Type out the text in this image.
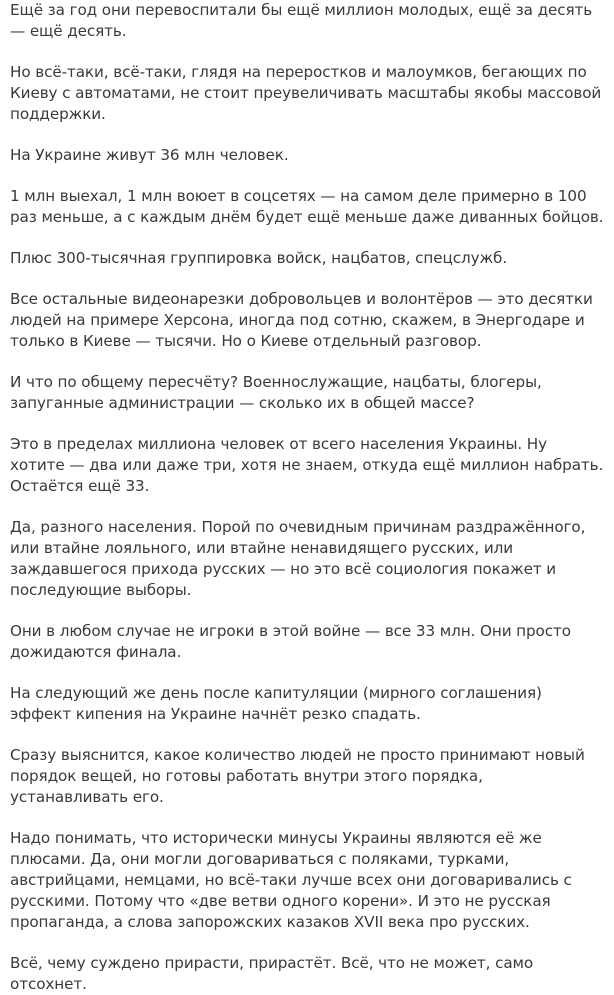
Ещё за год они перевоспитали бы ещё миллион молодых, ещё за десять — ещё десять.

Но всё-таки, всё-таки, глядя на переростков и малоумков, бегающих по Киеву с автоматами, не стоит преувеличивать масштабы якобы массовой поддержки.

На Украине живут 36 млн человек.

1 млн выехал, 1 млн воюет в соцсетях — на самом деле примерно в 100 раз меньше, а с каждым днём будет ещё меньше даже диванных бойцов.

Плюс 300-тысячная группировка войск, нацбатов, спецслужб.

Все остальные видеонарезки добровольцев и волонтёров — это десятки людей на примере Херсона, иногда под сотню, скажем, в Энергодаре и только в Киеве — тысячи. Но о Киеве отдельный разговор.

И что по общему пересчёту? Военнослужащие, нацбаты, блогеры, запуганные администрации — сколько их в общей массе?

Это в пределах миллиона человек от всего населения Украины. Ну хотите — два или даже три, хотя не знаем, откуда ещё миллион набрать. Остаётся ещё 33.

Да, разного населения. Порой по очевидным причинам раздражённого, или втайне лояльного, или втайне ненавидящего русских, или заждавшегося прихода русских — но это всё социология покажет и последующие выборы.

Они в любом случае не игроки в этой войне — все 33 млн. Они просто дожидаются финала.

На следующий же день после капитуляции (мирного соглашения) эффект кипения на Украине начнёт резко спадать.

Сразу выяснится, какое количество людей не просто принимают новый порядок вещей, но готовы работать внутри этого порядка, устанавливать его.

Надо понимать, что исторически минусы Украины являются её же плюсами. Да, они могли договариваться с поляками, турками, австрийцами, немцами, но всё-таки лучше всех они договаривались с русскими. Потому что «две ветви одного корени». И это не русская пропаганда, а слова запорожских казаков XVII века про русских.

Всё, чему суждено прирасти, прирастёт. Всё, что не может, само отсохнет.
